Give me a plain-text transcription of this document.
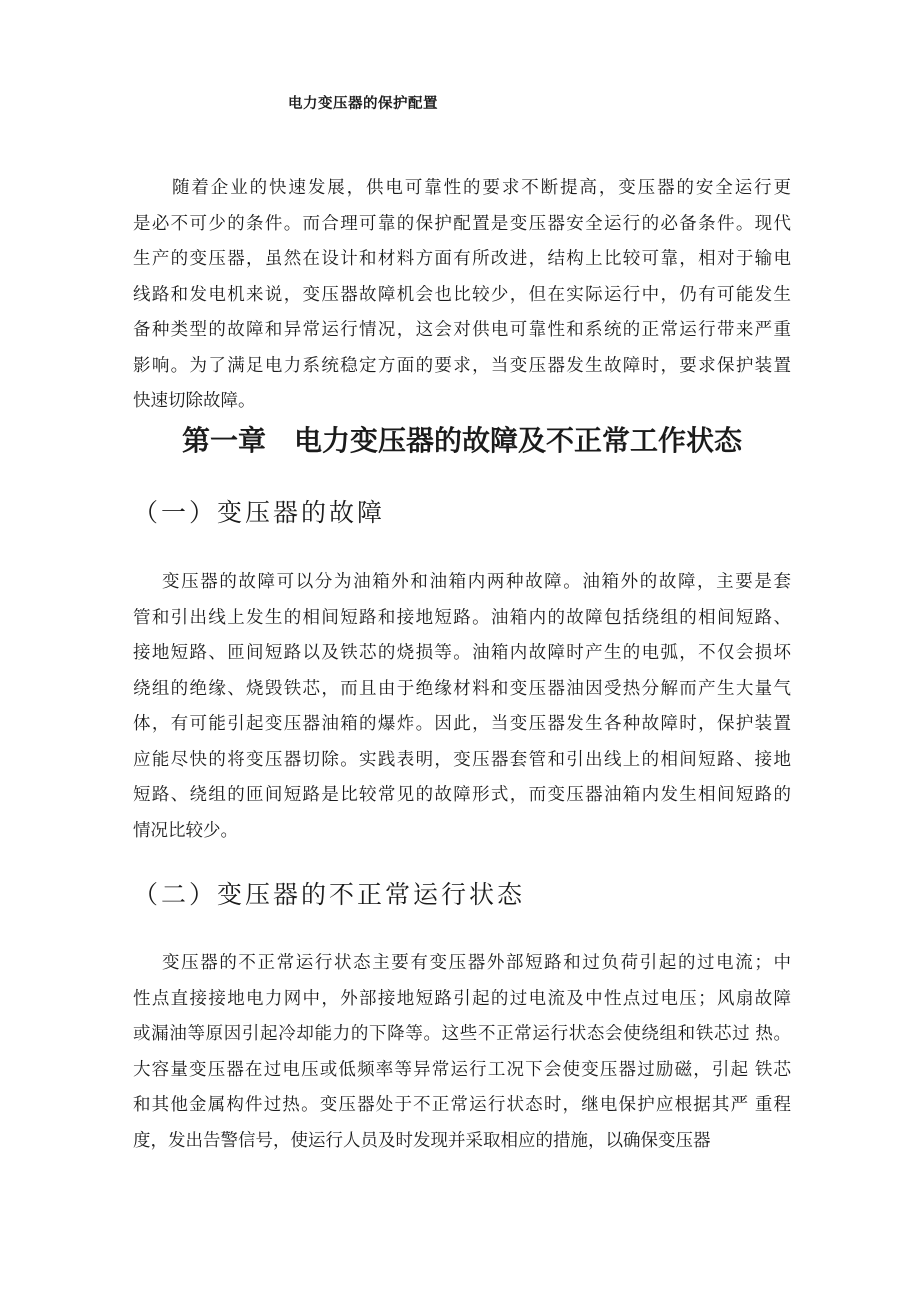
电力变压器的保护配置
随着企业的快速发展，供电可靠性的要求不断提高，变压器的安全运行更
是必不可少的条件。而合理可靠的保护配置是变压器安全运行的必备条件。现代
生产的变压器，虽然在设计和材料方面有所改进，结构上比较可靠，相对于输电
线路和发电机来说，变压器故障机会也比较少，但在实际运行中，仍有可能发生
备种类型的故障和异常运行情况，这会对供电可靠性和系统的正常运行带来严重
影响。为了满足电力系统稳定方面的要求，当变压器发生故障时，要求保护装置
快速切除故障。
第一章　电力变压器的故障及不正常工作状态
（一）变压器的故障
变压器的故障可以分为油箱外和油箱内两种故障。油箱外的故障，主要是套
管和引出线上发生的相间短路和接地短路。油箱内的故障包括绕组的相间短路、
接地短路、匝间短路以及铁芯的烧损等。油箱内故障时产生的电弧，不仅会损坏
绕组的绝缘、烧毁铁芯，而且由于绝缘材料和变压器油因受热分解而产生大量气
体，有可能引起变压器油箱的爆炸。因此，当变压器发生各种故障时，保护装置
应能尽快的将变压器切除。实践表明，变压器套管和引出线上的相间短路、接地
短路、绕组的匝间短路是比较常见的故障形式，而变压器油箱内发生相间短路的
情况比较少。
（二）变压器的不正常运行状态
变压器的不正常运行状态主要有变压器外部短路和过负荷引起的过电流；中
性点直接接地电力网中，外部接地短路引起的过电流及中性点过电压；风扇故障
或漏油等原因引起冷却能力的下降等。这些不正常运行状态会使绕组和铁芯过 热。
大容量变压器在过电压或低频率等异常运行工况下会使变压器过励磁，引起 铁芯
和其他金属构件过热。变压器处于不正常运行状态时，继电保护应根据其严 重程
度，发出告警信号，使运行人员及时发现并采取相应的措施，以确保变压器
